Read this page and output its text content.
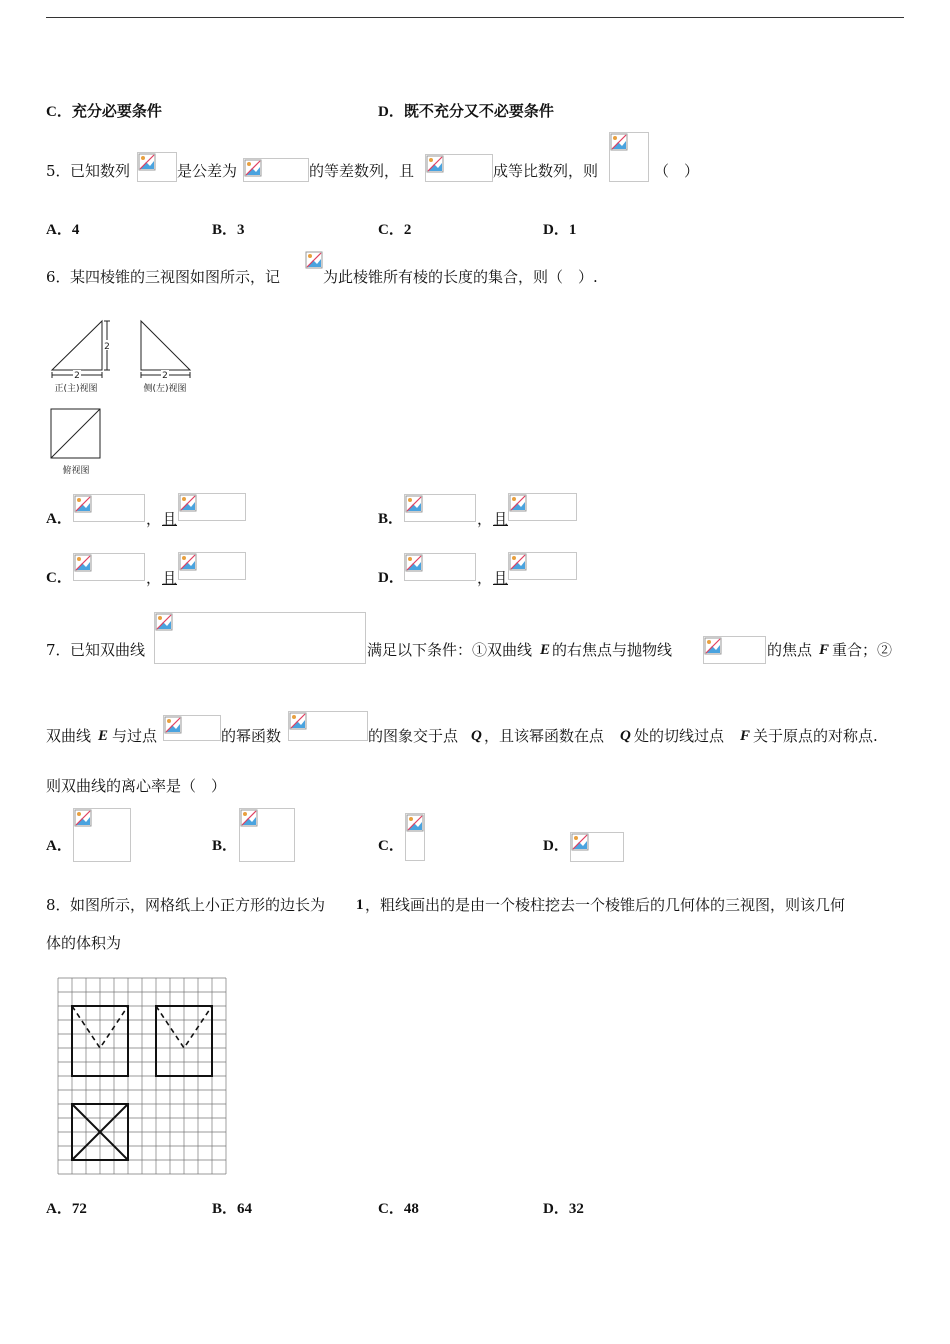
C．充分必要条件	D．既不充分又不必要条件
5． 已知数列	是公差为	的等差数列，且	成等比数列，则	（　）
A．4	B．3	C．2	D．1
6． 某四棱锥的三视图如图所示，记	为此棱锥所有棱的长度的集合，则（　）.
2
2
2
正(主)视图	侧(左)视图
俯视图
A．	， 且	B．	， 且
C．	， 且	D．	， 且
7． 已知双曲线	满足以下条件：①双曲线 E 的右焦点与抛物线	的焦点 F 重合；②
双曲线 E 与过点	的幂函数	的图象交于点 Q ，且该幂函数在点 Q 处的切线过点 F 关于原点的对称点.
则双曲线的离心率是（　）
A．	B．	C．	D．
8． 如图所示，网格纸上小正方形的边长为 1 ，粗线画出的是由一个棱柱挖去一个棱锥后的几何体的三视图，则该几何
体的体积为
A．72	B．64	C．48	D．32
